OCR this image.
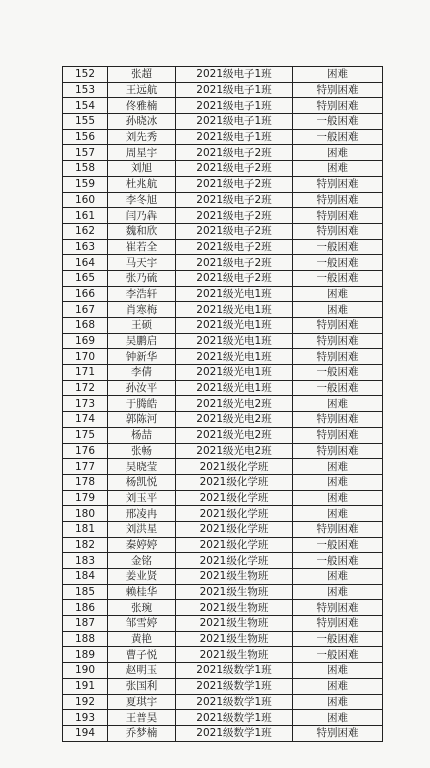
152	张超	2021级电子1班	困难
153	王远航	2021级电子1班	特别困难
154	佟雅楠	2021级电子1班	特别困难
155	孙晓冰	2021级电子1班	一般困难
156	刘先秀	2021级电子1班	一般困难
157	周星宇	2021级电子2班	困难
158	刘旭	2021级电子2班	困难
159	杜兆航	2021级电子2班	特别困难
160	李冬旭	2021级电子2班	特别困难
161	闫乃犇	2021级电子2班	特别困难
162	魏和欣	2021级电子2班	特别困难
163	崔若全	2021级电子2班	一般困难
164	马天宇	2021级电子2班	一般困难
165	张乃硫	2021级电子2班	一般困难
166	李浩轩	2021级光电1班	困难
167	肖寒梅	2021级光电1班	困难
168	王硕	2021级光电1班	特别困难
169	吴鹏启	2021级光电1班	特别困难
170	钟新华	2021级光电1班	特别困难
171	李倩	2021级光电1班	一般困难
172	孙汝平	2021级光电1班	一般困难
173	于腾皓	2021级光电2班	困难
174	郭陈河	2021级光电2班	特别困难
175	杨喆	2021级光电2班	特别困难
176	张畅	2021级光电2班	特别困难
177	吴晓莹	2021级化学班	困难
178	杨凯悦	2021级化学班	困难
179	刘玉平	2021级化学班	困难
180	邢凌冉	2021级化学班	困难
181	刘洪星	2021级化学班	特别困难
182	秦婷婷	2021级化学班	一般困难
183	金铭	2021级化学班	一般困难
184	姜业贤	2021级生物班	困难
185	赖桂华	2021级生物班	困难
186	张琬	2021级生物班	特别困难
187	邹雪婷	2021级生物班	特别困难
188	黄艳	2021级生物班	一般困难
189	曹子悦	2021级生物班	一般困难
190	赵明玉	2021级数学1班	困难
191	张国利	2021级数学1班	困难
192	夏琪宇	2021级数学1班	困难
193	王普昊	2021级数学1班	困难
194	乔梦楠	2021级数学1班	特别困难
